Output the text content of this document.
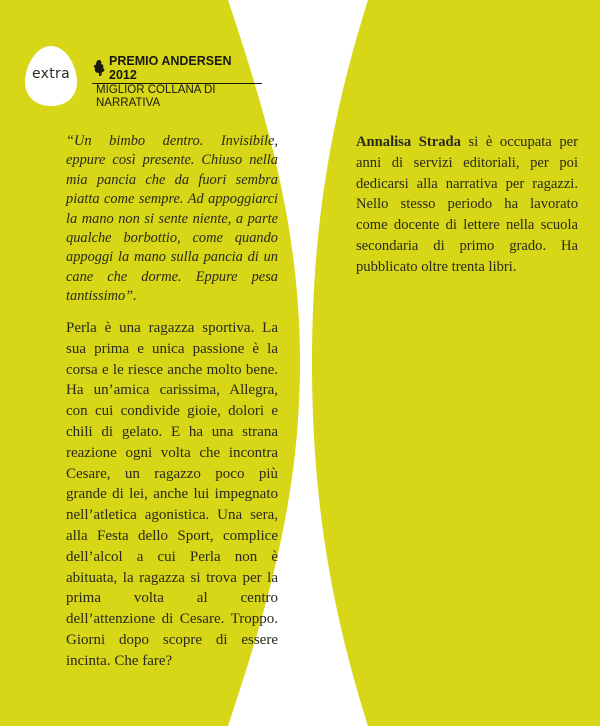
extra
PREMIO ANDERSEN 2012
MIGLIOR COLLANA DI NARRATIVA
“Un bimbo dentro. Invisibile, eppure così presente. Chiuso nella mia pancia che da fuori sembra piatta come sempre. Ad appoggiarci la mano non si sente niente, a parte qualche borbottio, come quando appoggi la mano sulla pancia di un cane che dorme. Eppure pesa tantissimo”.
Perla è una ragazza sportiva. La sua prima e unica passione è la corsa e le riesce anche molto bene. Ha un’amica carissima, Allegra, con cui condivide gioie, dolori e chili di gelato. E ha una strana reazione ogni volta che incontra Cesare, un ragazzo poco più grande di lei, anche lui impegnato nell’atletica agonistica. Una sera, alla Festa dello Sport, complice dell’alcol a cui Perla non è abituata, la ragazza si trova per la prima volta al centro dell’attenzione di Cesare. Troppo. Giorni dopo scopre di essere incinta. Che fare?
Annalisa Strada si è occupata per anni di servizi editoriali, per poi dedicarsi alla narrativa per ragazzi. Nello stesso periodo ha lavorato come docente di lettere nella scuola secondaria di primo grado. Ha pubblicato oltre trenta libri.
